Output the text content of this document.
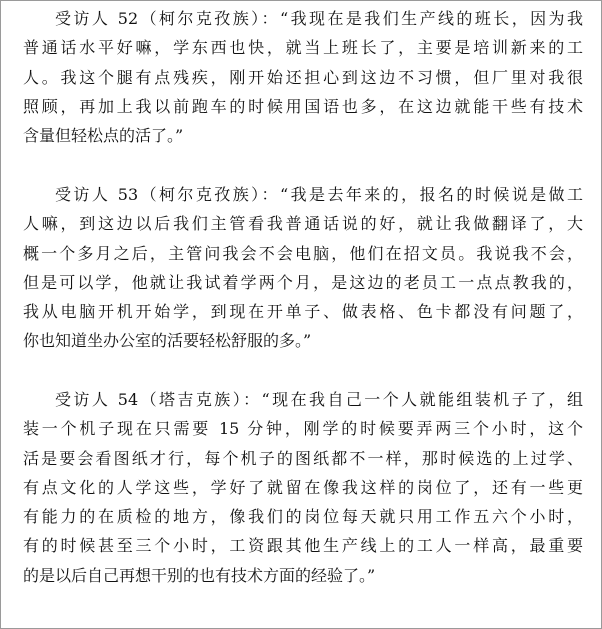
受访人 52（柯尔克孜族）：“我现在是我们生产线的班长，因为我
普通话水平好嘛，学东西也快，就当上班长了，主要是培训新来的工
人。我这个腿有点残疾，刚开始还担心到这边不习惯，但厂里对我很
照顾，再加上我以前跑车的时候用国语也多，在这边就能干些有技术
含量但轻松点的活了。”
受访人 53（柯尔克孜族）：“我是去年来的，报名的时候说是做工
人嘛，到这边以后我们主管看我普通话说的好，就让我做翻译了，大
概一个多月之后，主管问我会不会电脑，他们在招文员。我说我不会，
但是可以学，他就让我试着学两个月，是这边的老员工一点点教我的，
我从电脑开机开始学，到现在开单子、做表格、色卡都没有问题了，
你也知道坐办公室的活要轻松舒服的多。”
受访人 54（塔吉克族）：“现在我自己一个人就能组装机子了，组
装一个机子现在只需要 15 分钟，刚学的时候要弄两三个小时，这个
活是要会看图纸才行，每个机子的图纸都不一样，那时候选的上过学、
有点文化的人学这些，学好了就留在像我这样的岗位了，还有一些更
有能力的在质检的地方，像我们的岗位每天就只用工作五六个小时，
有的时候甚至三个小时，工资跟其他生产线上的工人一样高，最重要
的是以后自己再想干别的也有技术方面的经验了。”
